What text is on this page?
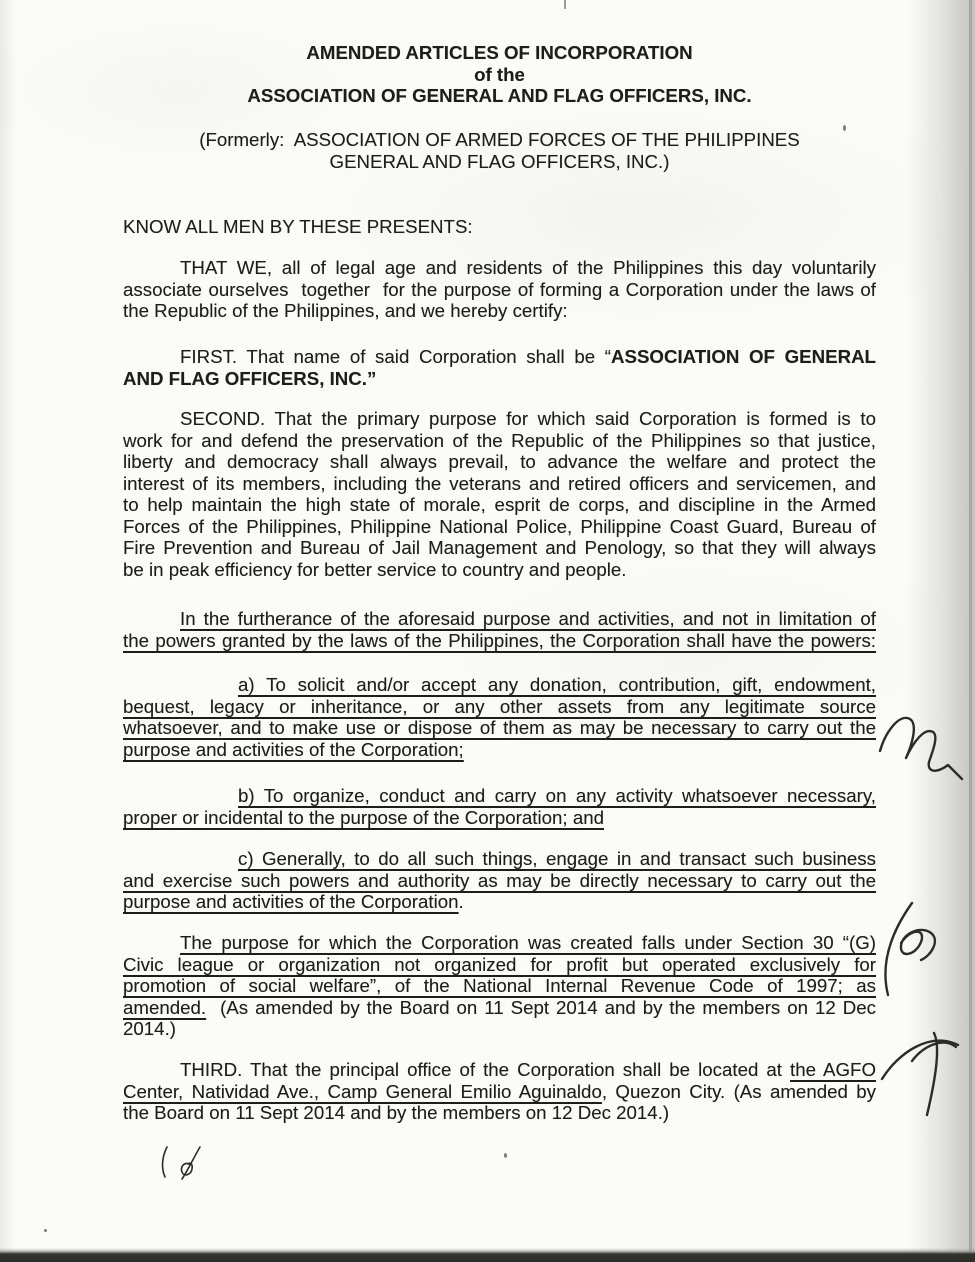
AMENDED ARTICLES OF INCORPORATION
of the
ASSOCIATION OF GENERAL AND FLAG OFFICERS, INC.
(Formerly:  ASSOCIATION OF ARMED FORCES OF THE PHILIPPINES
GENERAL AND FLAG OFFICERS, INC.)
KNOW ALL MEN BY THESE PRESENTS:
THAT WE, all of legal age and residents of the Philippines this day voluntarily
associate ourselves  together  for the purpose of forming a Corporation under the laws of
the Republic of the Philippines, and we hereby certify:
FIRST. That name of said Corporation shall be “ASSOCIATION OF GENERAL
AND FLAG OFFICERS, INC.”
SECOND. That the primary purpose for which said Corporation is formed is to
work for and defend the preservation of the Republic of the Philippines so that justice,
liberty and democracy shall always prevail, to advance the welfare and protect the
interest of its members, including the veterans and retired officers and servicemen, and
to help maintain the high state of morale, esprit de corps, and discipline in the Armed
Forces of the Philippines, Philippine National Police, Philippine Coast Guard, Bureau of
Fire Prevention and Bureau of Jail Management and Penology, so that they will always
be in peak efficiency for better service to country and people.
In the furtherance of the aforesaid purpose and activities, and not in limitation of
the powers granted by the laws of the Philippines, the Corporation shall have the powers:
a) To solicit and/or accept any donation, contribution, gift, endowment,
bequest, legacy or inheritance, or any other assets from any legitimate source
whatsoever, and to make use or dispose of them as may be necessary to carry out the
purpose and activities of the Corporation;
b) To organize, conduct and carry on any activity whatsoever necessary,
proper or incidental to the purpose of the Corporation; and
c) Generally, to do all such things, engage in and transact such business
and exercise such powers and authority as may be directly necessary to carry out the
purpose and activities of the Corporation.
The purpose for which the Corporation was created falls under Section 30 “(G)
Civic league or organization not organized for profit but operated exclusively for
promotion of social welfare”, of the National Internal Revenue Code of 1997; as
amended.  (As amended by the Board on 11 Sept 2014 and by the members on 12 Dec
2014.)
THIRD. That the principal office of the Corporation shall be located at the AGFO
Center, Natividad Ave., Camp General Emilio Aguinaldo, Quezon City. (As amended by
the Board on 11 Sept 2014 and by the members on 12 Dec 2014.)
